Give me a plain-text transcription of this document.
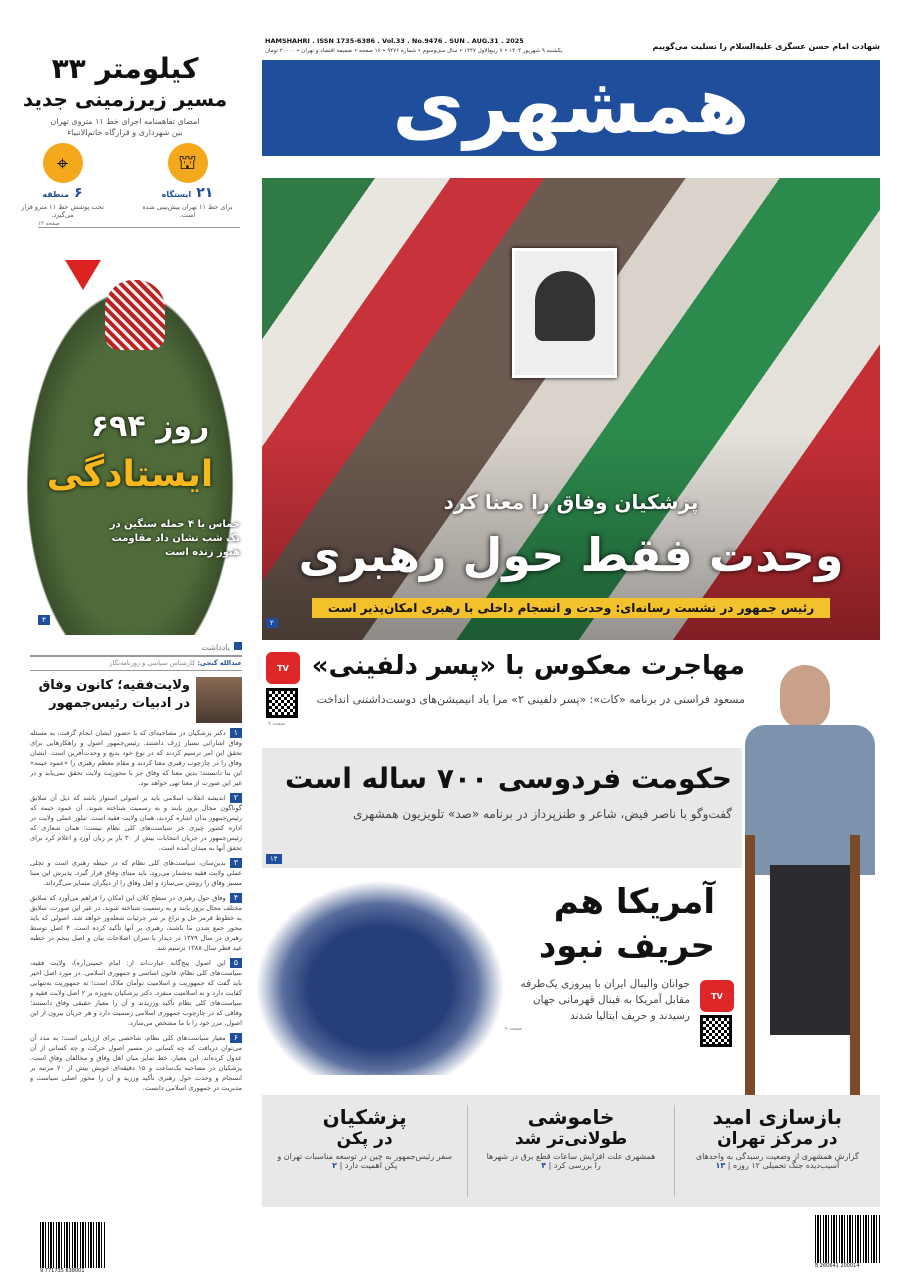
شهادت امام حسن عسگری علیه‌السلام را تسلیت می‌گوییم
HAMSHAHRI . ISSN 1735-6386 . Vol.33 . No.9476 . SUN . AUG.31 . 2025
یکشنبه ۹ شهریور ۱۴۰۴ • ۷ ربیع‌الاول ۱۴۴۷ • سال سی‌وسوم • شماره ۹۴۷۶ • ۱۶ صفحه • ضمیمه اقتصاد و تهران • ۲۰۰۰۰ تومان
همشهری
پزشکیان وفاق را معنا کرد
وحدت فقط حول رهبری
رئیس جمهور در نشست رسانه‌ای: وحدت و انسجام داخلی با رهبری امکان‌پذیر است
۲
۳۳ کیلومتر
مسیر زیرزمینی جدید
امضای تفاهمنامه اجرای خط ۱۱ متروی تهران بین شهرداری و قرارگاه خاتم‌الانبیاء
⛫
۲۱ ایستگاه
برای خط ۱۱ تهران پیش‌بینی شده است.
⌖
۶ منطقه
تحت پوشش خط ۱۱ مترو قرار می‌گیرد.
صفحه ۱۴
۶۹۴ روز
ایستادگی
حماس با ۴ حمله سنگین در یک شب نشان داد مقاومت هنوز زنده است
۳
یادداشت
عبدالله گنجی: کارشناس سیاسی و روزنامه‌نگار
ولایت‌فقیه؛ کانون وفاق
در ادبیات رئیس‌جمهور
۱
دکتر پزشکیان در مصاحبه‌ای که با حضور ایشان انجام گرفت، به مسئله وفاق اشاراتی بسیار ژرف داشتند. رئیس‌جمهور اصول و راهکارهایی برای تحقق این امر ترسیم کردند که در نوع خود بدیع و وحدت‌آفرین است. ایشان وفاق را در چارچوب رهبری معنا کردند و مقام معظم رهبری را «عمود خیمه» این بنا دانستند؛ بدین معنا که وفاق جز با محوریت ولایت تحقق نمی‌یابد و در غیر این صورت از معنا تهی خواهد بود.
۲
اندیشه انقلاب اسلامی باید بر اصولی استوار باشد که ذیل آن سلایق گوناگون مجال بروز یابند و به رسمیت شناخته شوند. آن عمود خیمه که رئیس‌جمهور بدان اشاره کردند، همان ولایت فقیه است. تبلور عملی ولایت در اداره کشور چیزی جز سیاست‌های کلی نظام نیست؛ همان شعاری که رئیس‌جمهور در جریان انتخابات بیش از ۳۰ بار بر زبان آورد و اعلام کرد برای تحقق آنها به میدان آمده است.
۳
بدین‌سان، سیاست‌های کلی نظام که در حیطه رهبری است و تجلی عملی ولایت فقیه به‌شمار می‌رود، باید مبنای وفاق قرار گیرد. پذیرش این مبنا مسیر وفاق را روشن می‌سازد و اهل وفاق را از دیگران متمایز می‌گرداند.
۴
وفاق حول رهبری در سطح کلان این امکان را فراهم می‌آورد که سلایق مختلف مجال بروز یابند و به رسمیت شناخته شوند. در غیر این صورت، سلایق به خطوط قرمز حل و نزاع بر سر جزئیات شعله‌ور خواهد شد. اصولی که باید محور جمع شدن ما باشند، رهبری بر آنها تأکید کرده است. ۴ اصل توسط رهبری در سال ۱۳۷۹ در دیدار با سران اصلاحات بیان و اصل پنجم در خطبه عید فطر سال ۱۳۸۸ ترسیم شد.
۵
این اصول پنج‌گانه عبارت‌اند از: امام خمینی(ره)، ولایت فقیه، سیاست‌های کلی نظام، قانون اساسی و جمهوری اسلامی. در مورد اصل اخیر باید گفت که جمهوریت و اسلامیت توأمان ملاک است؛ نه جمهوریت به‌تنهایی کفایت دارد و نه اسلامیت منفرد. دکتر پزشکیان به‌ویژه بر ۲ اصل ولایت فقیه و سیاست‌های کلی نظام تأکید ورزیدند و آن را معیار حقیقی وفاق دانستند؛ وفاقی که در چارچوب جمهوری اسلامی رسمیت دارد و هر جریان بیرون از این اصول، مرز خود را با ما مشخص می‌سازد.
۶
معیار سیاست‌های کلی نظام، شاخصی برای ارزیابی است؛ به مدد آن می‌توان دریافت که چه کسانی در مسیر اصول حرکت و چه کسانی از آن عدول کرده‌اند. این معیار، خط تمایز میان اهل وفاق و مخالفان وفاق است. پزشکیان در مصاحبه یک‌ساعت و ۱۵ دقیقه‌ای خویش بیش از ۲۰ مرتبه بر انسجام و وحدت حول رهبری تأکید ورزید و آن را محور اصلی سیاست و مدیریت در جمهوری اسلامی دانست.
TV
صفحه ۷
مهاجرت معکوس با «پسر دلفینی»
مسعود فراستی در برنامه «کات»: «پسر دلفینی ۲» مرا یاد انیمیشن‌های دوست‌داشتنی انداخت
حکومت فردوسی ۷۰۰ ساله است
گفت‌وگو با ناصر فیض، شاعر و طنزپرداز در برنامه «صد» تلویزیون همشهری
۱۴
آمریکا هم
حریف نبود
جوانان والیبال ایران با پیروزی یک‌طرفه مقابل آمریکا به فینال قهرمانی جهان رسیدند و حریف ایتالیا شدند
صفحه ۹
TV
بازسازی امید
در مرکز تهران
گزارش همشهری از وضعیت رسیدگی به واحدهای آسیب‌دیده جنگ تحمیلی ۱۲ روزه | ۱۳
خاموشی
طولانی‌تر شد
همشهری علت افزایش ساعات قطع برق در شهرها را بررسی کرد | ۴
پزشکیان
در پکن
سفر رئیس‌جمهور به چین در توسعه مناسبات تهران و پکن اهمیت دارد | ۲
9 771735 638001
8 260641 200014
